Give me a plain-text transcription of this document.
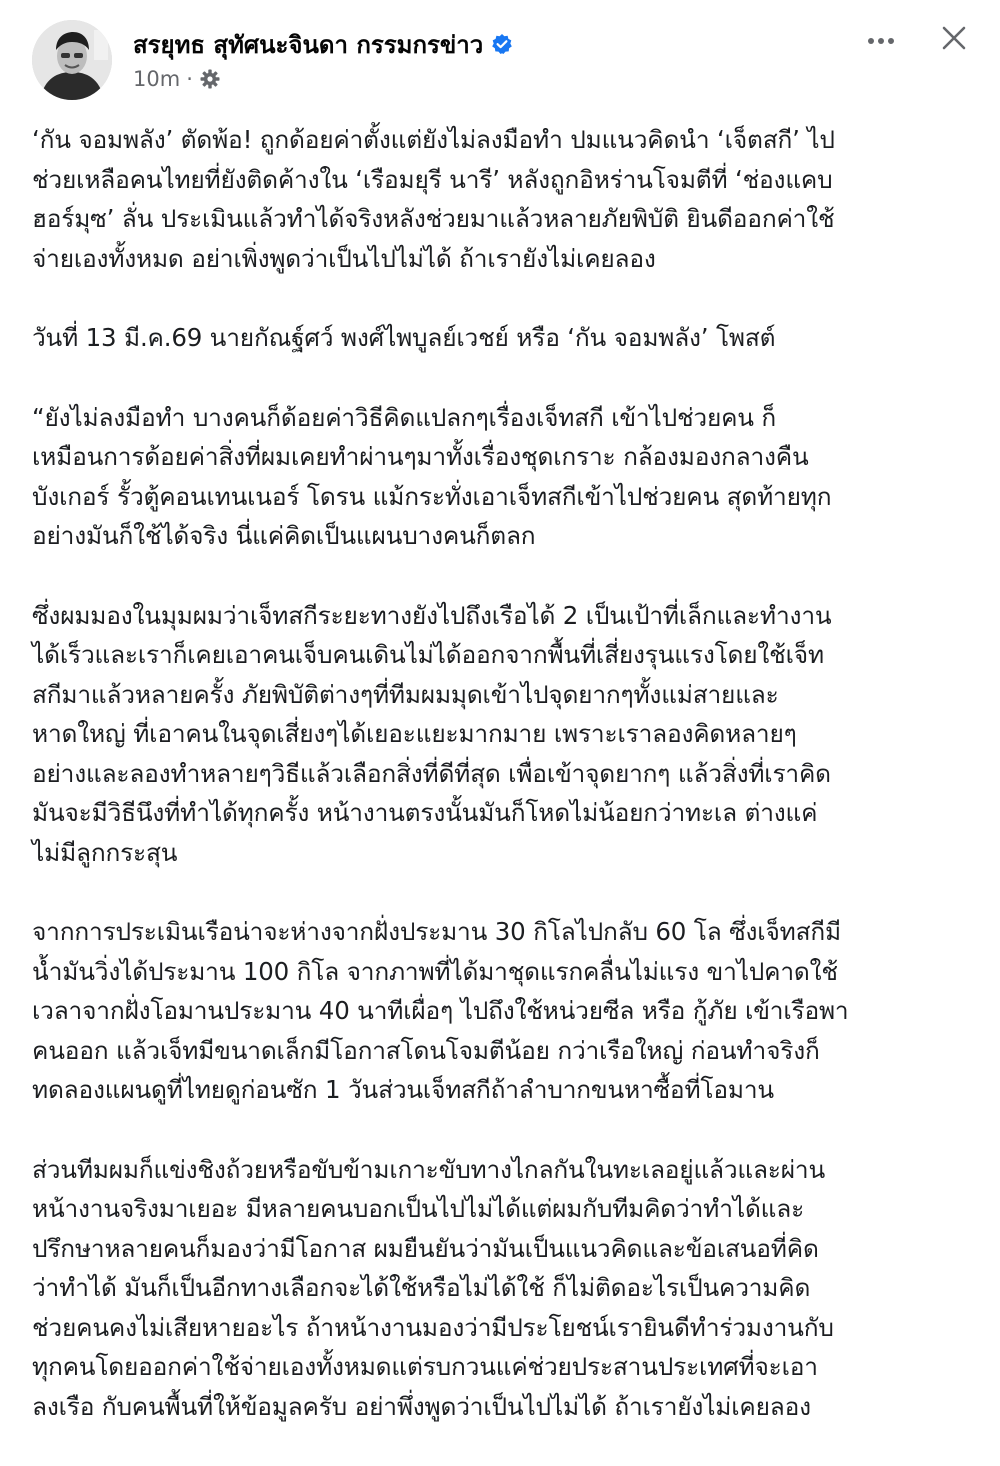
สรยุทธ สุทัศนะจินดา กรรมกรข่าว
10m ·
‘กัน จอมพลัง’ ตัดพ้อ! ถูกด้อยค่าตั้งแต่ยังไม่ลงมือทำ ปมแนวคิดนำ ‘เจ็ตสกี’ ไป
ช่วยเหลือคนไทยที่ยังติดค้างใน ‘เรือมยุรี นารี’ หลังถูกอิหร่านโจมตีที่ ‘ช่องแคบ
ฮอร์มุซ’ ลั่น ประเมินแล้วทำได้จริงหลังช่วยมาแล้วหลายภัยพิบัติ ยินดีออกค่าใช้
จ่ายเองทั้งหมด อย่าเพิ่งพูดว่าเป็นไปไม่ได้ ถ้าเรายังไม่เคยลอง
วันที่ 13 มี.ค.69 นายกัณฐ์ศว์ พงศ์ไพบูลย์เวชย์ หรือ ‘กัน จอมพลัง’ โพสต์
“ยังไม่ลงมือทำ บางคนก็ด้อยค่าวิธีคิดแปลกๆเรื่องเจ็ทสกี เข้าไปช่วยคน ก็
เหมือนการด้อยค่าสิ่งที่ผมเคยทำผ่านๆมาทั้งเรื่องชุดเกราะ กล้องมองกลางคืน
บังเกอร์ รั้วตู้คอนเทนเนอร์ โดรน แม้กระทั่งเอาเจ็ทสกีเข้าไปช่วยคน สุดท้ายทุก
อย่างมันก็ใช้ได้จริง นี่แค่คิดเป็นแผนบางคนก็ตลก
ซึ่งผมมองในมุมผมว่าเจ็ทสกีระยะทางยังไปถึงเรือได้ 2 เป็นเป้าที่เล็กและทำงาน
ได้เร็วและเราก็เคยเอาคนเจ็บคนเดินไม่ได้ออกจากพื้นที่เสี่ยงรุนแรงโดยใช้เจ็ท
สกีมาแล้วหลายครั้ง ภัยพิบัติต่างๆที่ทีมผมมุดเข้าไปจุดยากๆทั้งแม่สายและ
หาดใหญ่ ที่เอาคนในจุดเสี่ยงๆได้เยอะแยะมากมาย เพราะเราลองคิดหลายๆ
อย่างและลองทำหลายๆวิธีแล้วเลือกสิ่งที่ดีที่สุด เพื่อเข้าจุดยากๆ แล้วสิ่งที่เราคิด
มันจะมีวิธีนึงที่ทำได้ทุกครั้ง หน้างานตรงนั้นมันก็โหดไม่น้อยกว่าทะเล ต่างแค่
ไม่มีลูกกระสุน
จากการประเมินเรือน่าจะห่างจากฝั่งประมาน 30 กิโลไปกลับ 60 โล ซึ่งเจ็ทสกีมี
น้ำมันวิ่งได้ประมาน 100 กิโล จากภาพที่ได้มาชุดแรกคลื่นไม่แรง ขาไปคาดใช้
เวลาจากฝั่งโอมานประมาน 40 นาทีเผื่อๆ ไปถึงใช้หน่วยซีล หรือ กู้ภัย เข้าเรือพา
คนออก แล้วเจ็ทมีขนาดเล็กมีโอกาสโดนโจมตีน้อย กว่าเรือใหญ่ ก่อนทำจริงก็
ทดลองแผนดูที่ไทยดูก่อนซัก 1 วันส่วนเจ็ทสกีถ้าลำบากขนหาซื้อที่โอมาน
ส่วนทีมผมก็แข่งชิงถ้วยหรือขับข้ามเกาะขับทางไกลกันในทะเลอยู่แล้วและผ่าน
หน้างานจริงมาเยอะ มีหลายคนบอกเป็นไปไม่ได้แต่ผมกับทีมคิดว่าทำได้และ
ปรึกษาหลายคนก็มองว่ามีโอกาส ผมยืนยันว่ามันเป็นแนวคิดและข้อเสนอที่คิด
ว่าทำได้ มันก็เป็นอีกทางเลือกจะได้ใช้หรือไม่ได้ใช้ ก็ไม่ติดอะไรเป็นความคิด
ช่วยคนคงไม่เสียหายอะไร ถ้าหน้างานมองว่ามีประโยชน์เรายินดีทำร่วมงานกับ
ทุกคนโดยออกค่าใช้จ่ายเองทั้งหมดแต่รบกวนแค่ช่วยประสานประเทศที่จะเอา
ลงเรือ กับคนพื้นที่ให้ข้อมูลครับ อย่าพึ่งพูดว่าเป็นไปไม่ได้ ถ้าเรายังไม่เคยลอง
